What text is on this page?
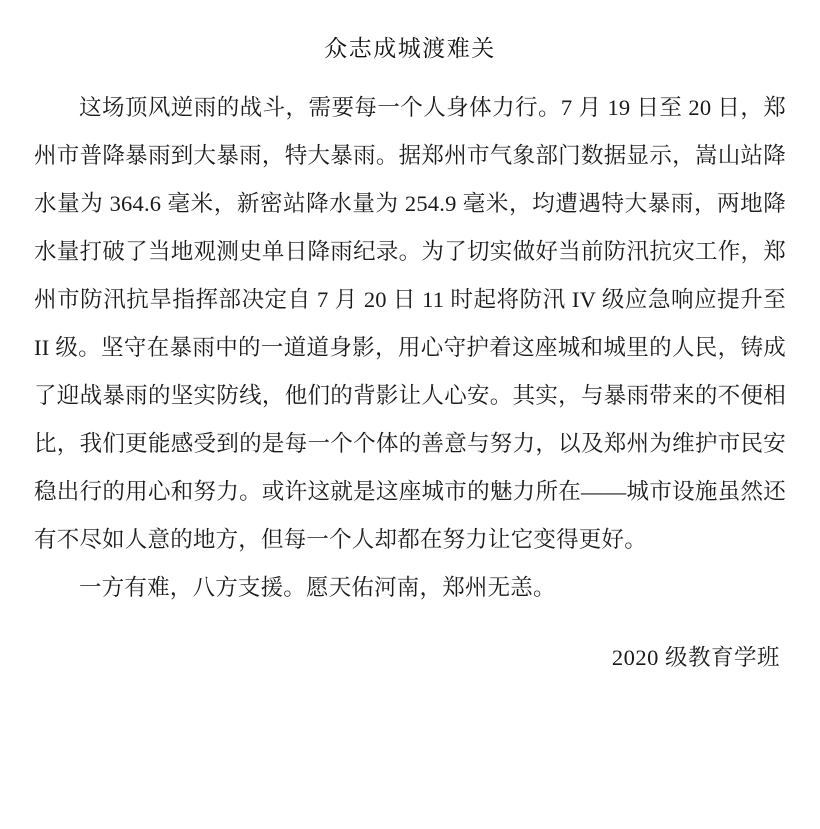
众志成城渡难关

这场顶风逆雨的战斗，需要每一个人身体力行。7 月 19 日至 20 日，郑州市普降暴雨到大暴雨，特大暴雨。据郑州市气象部门数据显示，嵩山站降水量为 364.6 毫米，新密站降水量为 254.9 毫米，均遭遇特大暴雨，两地降水量打破了当地观测史单日降雨纪录。为了切实做好当前防汛抗灾工作，郑州市防汛抗旱指挥部决定自 7 月 20 日 11 时起将防汛 IV 级应急响应提升至 II 级。坚守在暴雨中的一道道身影，用心守护着这座城和城里的人民，铸成了迎战暴雨的坚实防线，他们的背影让人心安。其实，与暴雨带来的不便相比，我们更能感受到的是每一个个体的善意与努力，以及郑州为维护市民安稳出行的用心和努力。或许这就是这座城市的魅力所在——城市设施虽然还有不尽如人意的地方，但每一个人却都在努力让它变得更好。

一方有难，八方支援。愿天佑河南，郑州无恙。

2020 级教育学班
